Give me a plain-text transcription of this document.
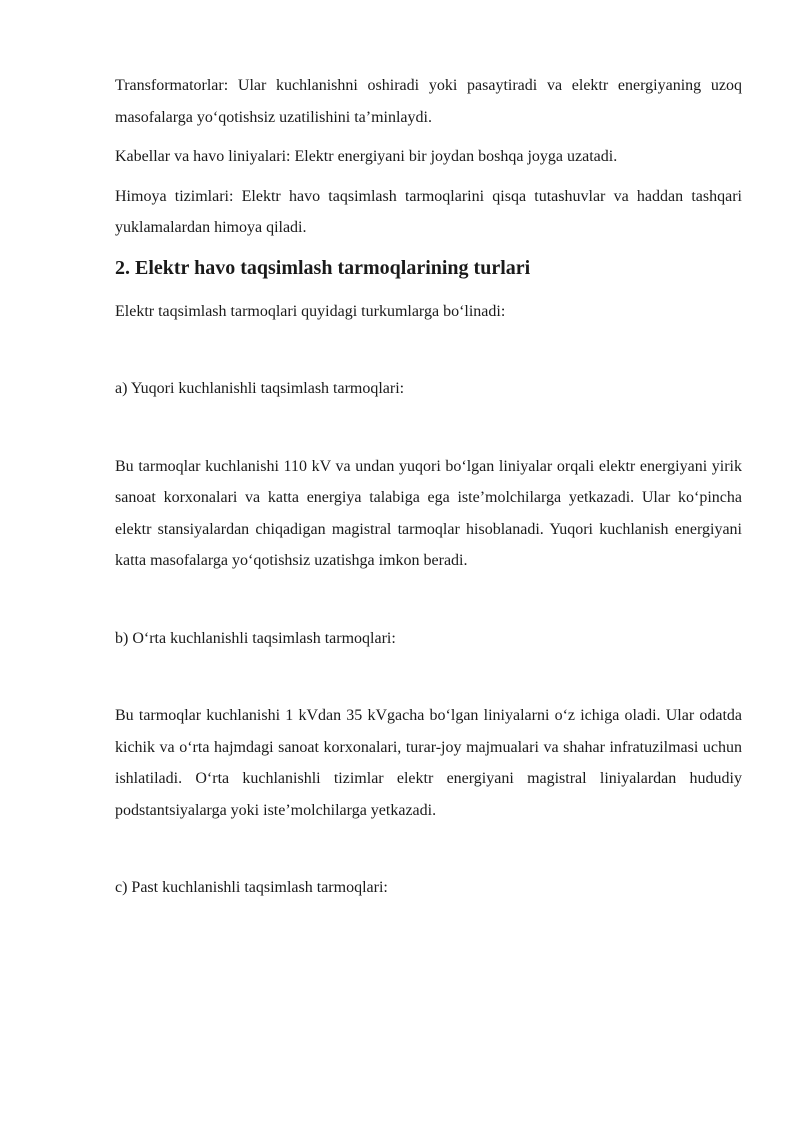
Transformatorlar: Ular kuchlanishni oshiradi yoki pasaytiradi va elektr energiyaning uzoq masofalarga yo‘qotishsiz uzatilishini ta’minlaydi.

Kabellar va havo liniyalari: Elektr energiyani bir joydan boshqa joyga uzatadi.

Himoya tizimlari: Elektr havo taqsimlash tarmoqlarini qisqa tutashuvlar va haddan tashqari yuklamalardan himoya qiladi.

2. Elektr havo taqsimlash tarmoqlarining turlari

Elektr taqsimlash tarmoqlari quyidagi turkumlarga bo‘linadi:

a) Yuqori kuchlanishli taqsimlash tarmoqlari:

Bu tarmoqlar kuchlanishi 110 kV va undan yuqori bo‘lgan liniyalar orqali elektr energiyani yirik sanoat korxonalari va katta energiya talabiga ega iste’molchilarga yetkazadi. Ular ko‘pincha elektr stansiyalardan chiqadigan magistral tarmoqlar hisoblanadi. Yuqori kuchlanish energiyani katta masofalarga yo‘qotishsiz uzatishga imkon beradi.

b) O‘rta kuchlanishli taqsimlash tarmoqlari:

Bu tarmoqlar kuchlanishi 1 kVdan 35 kVgacha bo‘lgan liniyalarni o‘z ichiga oladi. Ular odatda kichik va o‘rta hajmdagi sanoat korxonalari, turar-joy majmualari va shahar infratuzilmasi uchun ishlatiladi. O‘rta kuchlanishli tizimlar elektr energiyani magistral liniyalardan hududiy podstantsiyalarga yoki iste’molchilarga yetkazadi.

c) Past kuchlanishli taqsimlash tarmoqlari:
